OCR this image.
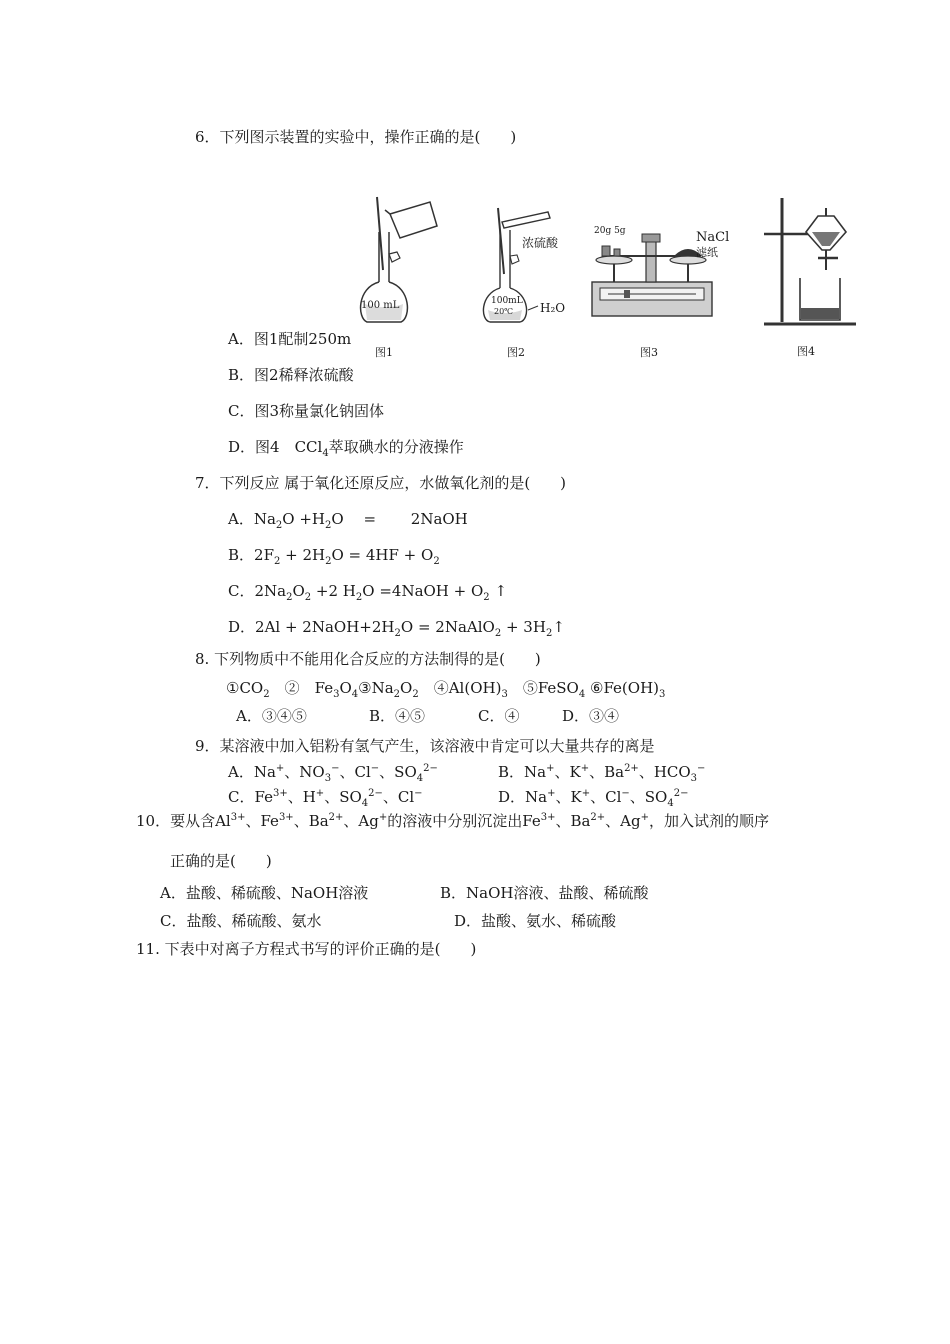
6．下列图示装置的实验中，操作正确的是(　　)
100 mL
图1
浓硫酸
100mL
20℃ H₂O
图2
20g 5g	NaCl
滤纸
图3	图4
A．图1配制250m
B．图2稀释浓硫酸
C．图3称量氯化钠固体
D．图4　CCl$_4$萃取碘水的分液操作
7．下列反应 属于氧化还原反应，水做氧化剂的是(　　)
A．$Na_2O +H_2O$　 =　　 2NaOH
B．$2F_2 + 2H_2O = 4HF + O_2$
C．$2Na_2O_2 +2$ $H_2O$ =4NaOH + $O_2$ ↑
D．$2Al + 2NaOH+2H_2O$ = 2NaAlO$_2$ + $3H_2↑$
8. 下列物质中不能用化合反应的方法制得的是(　　)
$①CO_2$　②　$Fe_3O_4③Na_2O_2$　$④Al(OH)_3$　⑤FeSO$_4$ $⑥Fe(OH)_3$
A．③④⑤	B．④⑤	C．④	D．③④
9．某溶液中加入铝粉有氢气产生，该溶液中肯定可以大量共存的离是
A．Na+、$NO_3^-$、Cl−、$SO_4^{2-}$	B．Na+、K+、$Ba^{2+}$、$HCO_3^-$
C．$Fe^{3+}$、H+、$SO_4^{2-}$、Cl−	D．Na+、K+、Cl−、$SO_4^{2-}$
10．要从含$Al^{3+}$、$Fe^{3+}$、$Ba^{2+}$、Ag+的溶液中分别沉淀出$Fe^{3+}$、$Ba^{2+}$、Ag+，加入试剂的顺序
正确的是(　　)
A．盐酸、稀硫酸、NaOH溶液	B．NaOH溶液、盐酸、稀硫酸
C．盐酸、稀硫酸、氨水	D．盐酸、氨水、稀硫酸
11. 下表中对离子方程式书写的评价正确的是(　　)
